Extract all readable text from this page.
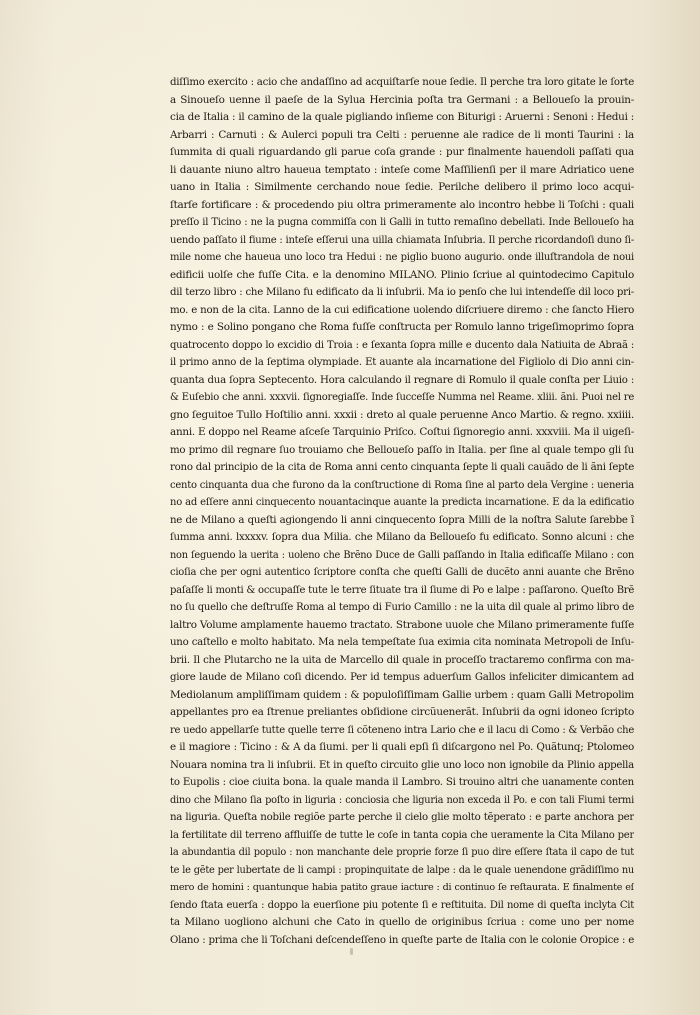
diſſimo exercito : acio che andaſſino ad acquiſtarſe noue ſedie. Il perche tra loro gitate le ſorte
a Sinoueſo uenne il paeſe de la Sylua Hercinia poſta tra Germani : a Belloueſo la prouin-
cia de Italia : il camino de la quale pigliando inſieme con Biturigi : Aruerni : Senoni : Hedui :
Arbarri : Carnuti : & Aulerci populi tra Celti : peruenne ale radice de li monti Taurini : la
ſummita di quali riguardando gli parue coſa grande : pur finalmente hauendoli paſſati qua
li dauante niuno altro haueua temptato : inteſe come Maſſilienſi per il mare Adriatico uene
uano in Italia : Similmente cerchando noue ſedie. Perilche delibero il primo loco acqui-
ſtarſe fortificare : & procedendo piu oltra primeramente alo incontro hebbe li Toſchi : quali
preſſo il Ticino : ne la pugna commiſſa con li Galli in tutto remaſino debellati. Inde Belloueſo ha
uendo paſſato il fiume : inteſe eſſerui una uilla chiamata Inſubria. Il perche ricordandoſi duno ſi-
mile nome che haueua uno loco tra Hedui : ne piglio buono augurio. onde illuſtrandola de noui
edificii uolſe che fuſſe Cita. e la denomino MILANO. Plinio ſcriue al quintodecimo Capitulo
dil terzo libro : che Milano fu edificato da li inſubrii. Ma io penſo che lui intendeſſe dil loco pri-
mo. e non de la cita. Lanno de la cui edificatione uolendo diſcriuere diremo : che ſancto Hiero
nymo : e Solino pongano che Roma fuſſe conſtructa per Romulo lanno trigeſimoprimo ſopra
quatrocento doppo lo excidio di Troia : e ſexanta ſopra mille e ducento dala Natiuita de Abraã :
il primo anno de la ſeptima olympiade. Et auante ala incarnatione del Figliolo di Dio anni cin-
quanta dua ſopra Septecento. Hora calculando il regnare di Romulo il quale conſta per Liuio :
& Euſebio che anni. xxxvii. ſignoregiaſſe. Inde ſucceſſe Numma nel Reame. xliii. ãni. Puoi nel re
gno ſeguitoe Tullo Hoſtilio anni. xxxii : dreto al quale peruenne Anco Martio. & regno. xxiiii.
anni. E doppo nel Reame aſceſe Tarquinio Priſco. Coſtui ſignoregio anni. xxxviii. Ma il uigeſi-
mo primo dil regnare ſuo trouiamo che Belloueſo paſſo in Italia. per ſine al quale tempo gli ſu
rono dal principio de la cita de Roma anni cento cinquanta ſepte li quali cauãdo de li ãni ſepte
cento cinquanta dua che furono da la conſtructione di Roma ſine al parto dela Vergine : ueneria
no ad eſſere anni cinquecento nouantacinque auante la predicta incarnatione. E da la edificatio
ne de Milano a queſti agiongendo li anni cinquecento ſopra Milli de la noſtra Salute ſarebbe ĩ
ſumma anni. lxxxxv. ſopra dua Milia. che Milano da Belloueſo fu edificato. Sonno alcuni : che
non ſeguendo la uerita : uoleno che Brẽno Duce de Galli paſſando in Italia edificaſſe Milano : con
cioſia che per ogni autentico ſcriptore conſta che queſti Galli de ducẽto anni auante che Brẽno
paſaſſe li monti & occupaſſe tute le terre ſituate tra il ſiume di Po e lalpe : paſſarono. Queſto Brẽ
no ſu quello che deſtruſſe Roma al tempo di Furio Camillo : ne la uita dil quale al primo libro de
laltro Volume amplamente hauemo tractato. Strabone uuole che Milano primeramente fuſſe
uno caſtello e molto habitato. Ma nela tempeſtate ſua eximia cita nominata Metropoli de Inſu-
brii. Il che Plutarcho ne la uita de Marcello dil quale in proceſſo tractaremo confirma con ma-
giore laude de Milano coſi dicendo. Per id tempus aduerſum Gallos infeliciter dimicantem ad
Mediolanum ampliſſimam quidem : & populoſiſſimam Gallie urbem : quam Galli Metropolim
appellantes pro ea ſtrenue preliantes obſidione circũuenerãt. Inſubrii da ogni idoneo ſcripto
re uedo appellarſe tutte quelle terre ſi cõteneno intra Lario che e il lacu di Como : & Verbão che
e il magiore : Ticino : & A da ſiumi. per li quali epſi ſi diſcargono nel Po. Quãtunq; Ptolomeo
Nouara nomina tra li inſubrii. Et in queſto circuito glie uno loco non ignobile da Plinio appella
to Eupolis : cioe ciuita bona. la quale manda il Lambro. Si trouino altri che uanamente conten
dino che Milano ſia poſto in liguria : conciosia che liguria non exceda il Po. e con tali Fiumi termi
na liguria. Queſta nobile regiõe parte perche il cielo glie molto tẽperato : e parte anchora per
la fertilitate dil terreno affluiſſe de tutte le coſe in tanta copia che ueramente la Cita Milano per
la abundantia dil populo : non manchante dele proprie forze ſi puo dire eſſere ſtata il capo de tut
te le gẽte per lubertate de li campi : propinquitate de lalpe : da le quale uenendone grãdiſſimo nu
mero de homini : quantunque habia patito graue iacture : di continuo ſe reſtaurata. E finalmente eſ
ſendo ſtata euerſa : doppo la euerſione piu potente ſi e reſtituita. Dil nome di queſta inclyta Cit
ta Milano uogliono alchuni che Cato in quello de originibus ſcriua : come uno per nome
Olano : prima che li Toſchani deſcendeſſeno in queſte parte de Italia con le colonie Oropice : e
